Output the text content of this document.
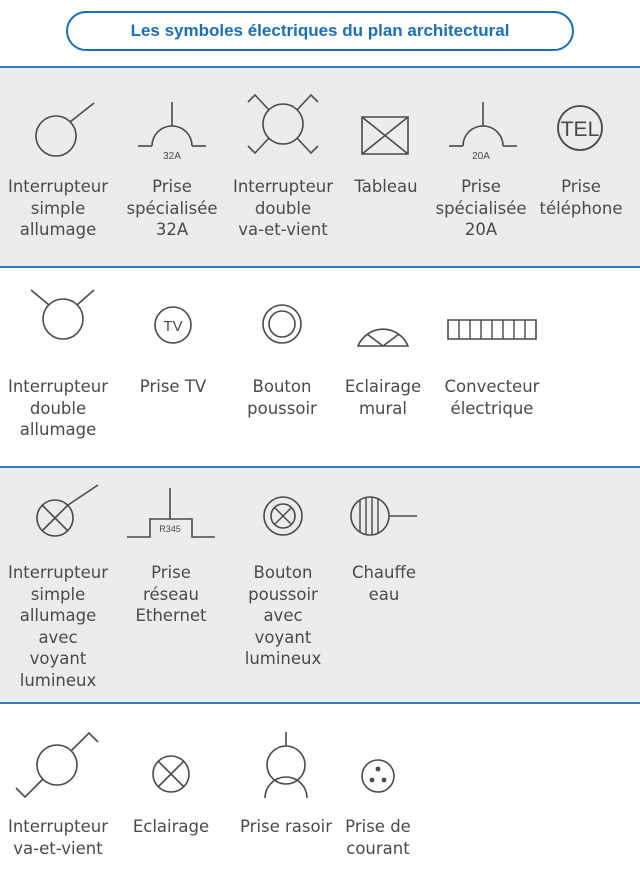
Les symboles électriques du plan architectural
Interrupteur
simple
allumage
32A
Prise
spécialisée
32A
Interrupteur
double
va-et-vient
Tableau
20A
Prise
spécialisée
20A
TEL
Prise
téléphone
Interrupteur
double
allumage
TV
Prise TV	Bouton
poussoir
Eclairage
mural
Convecteur
électrique
Interrupteur
simple
allumage
avec
voyant
lumineux
R345
Prise
réseau
Ethernet
Bouton
poussoir
avec
voyant
lumineux
Chauffe
eau
Interrupteur
va-et-vient
Eclairage	Prise rasoir Prise de
courant
